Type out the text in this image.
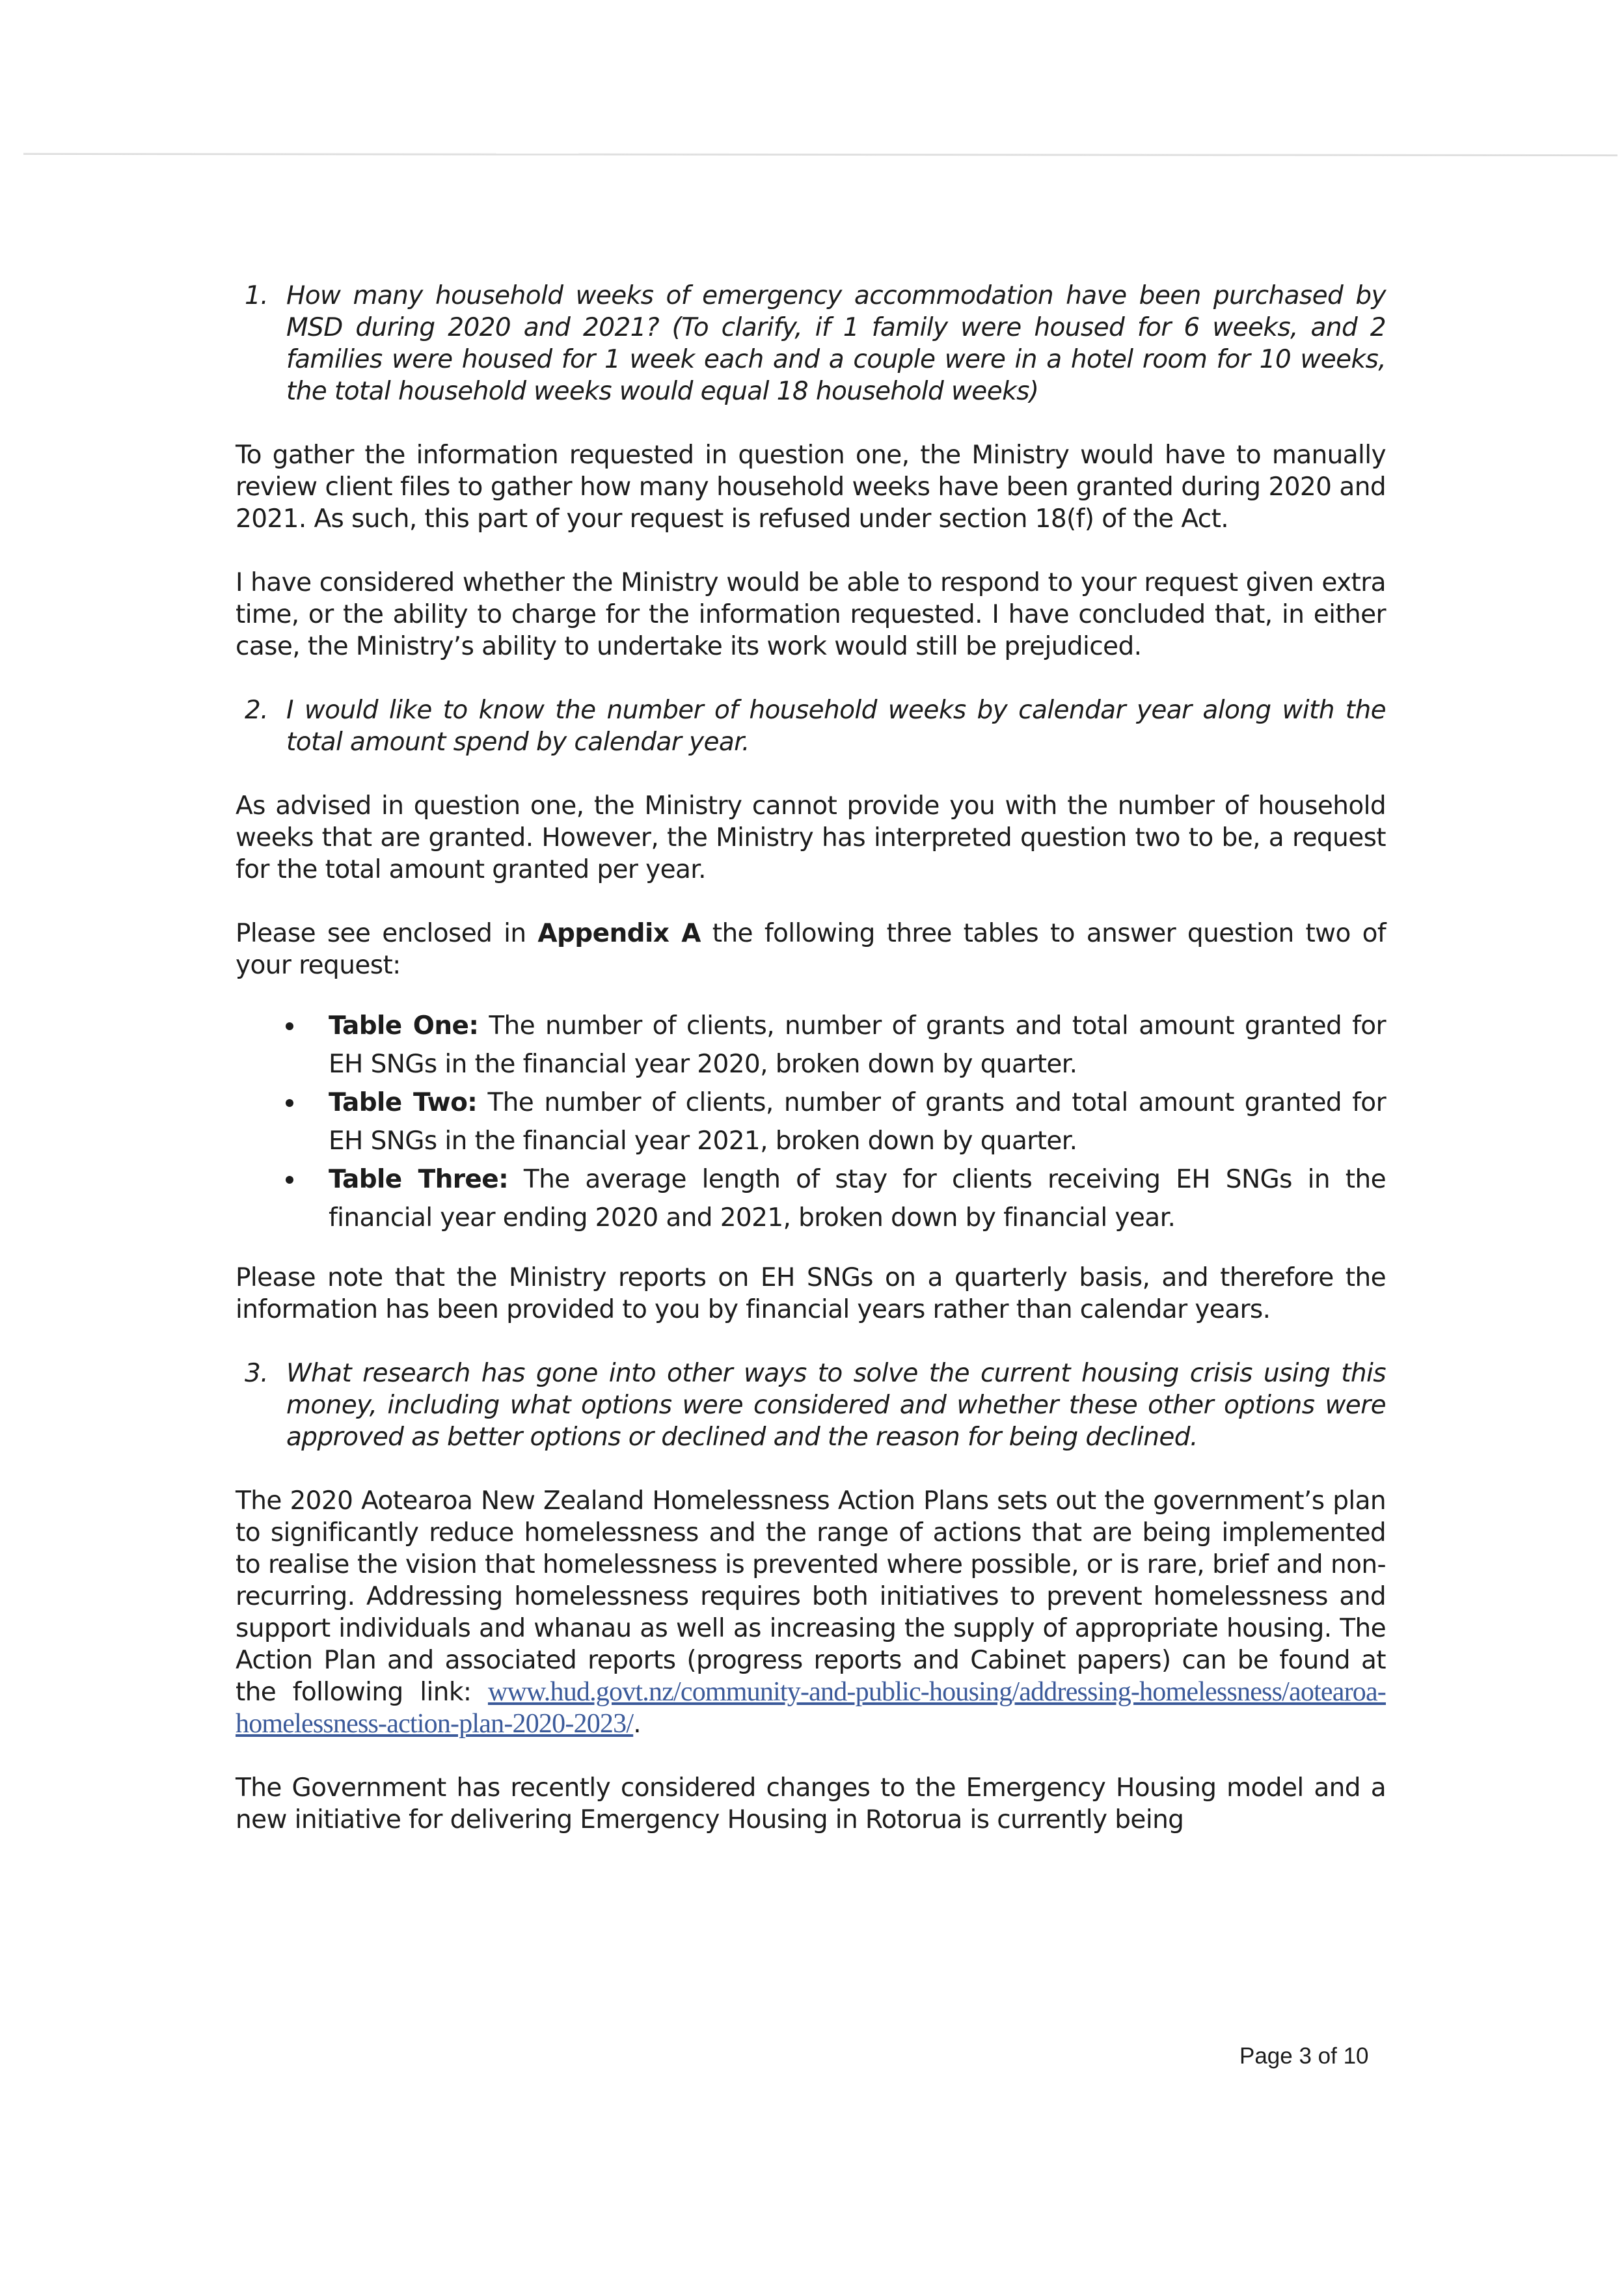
1. How many household weeks of emergency accommodation have been purchased by MSD during 2020 and 2021? (To clarify, if 1 family were housed for 6 weeks, and 2 families were housed for 1 week each and a couple were in a hotel room for 10 weeks, the total household weeks would equal 18 household weeks)

To gather the information requested in question one, the Ministry would have to manually review client files to gather how many household weeks have been granted during 2020 and 2021. As such, this part of your request is refused under section 18(f) of the Act.

I have considered whether the Ministry would be able to respond to your request given extra time, or the ability to charge for the information requested. I have concluded that, in either case, the Ministry’s ability to undertake its work would still be prejudiced.

2. I would like to know the number of household weeks by calendar year along with the total amount spend by calendar year.

As advised in question one, the Ministry cannot provide you with the number of household weeks that are granted. However, the Ministry has interpreted question two to be, a request for the total amount granted per year.

Please see enclosed in Appendix A the following three tables to answer question two of your request:

Table One: The number of clients, number of grants and total amount granted for EH SNGs in the financial year 2020, broken down by quarter.
Table Two: The number of clients, number of grants and total amount granted for EH SNGs in the financial year 2021, broken down by quarter.
Table Three: The average length of stay for clients receiving EH SNGs in the financial year ending 2020 and 2021, broken down by financial year.

Please note that the Ministry reports on EH SNGs on a quarterly basis, and therefore the information has been provided to you by financial years rather than calendar years.

3. What research has gone into other ways to solve the current housing crisis using this money, including what options were considered and whether these other options were approved as better options or declined and the reason for being declined.

The 2020 Aotearoa New Zealand Homelessness Action Plans sets out the government’s plan to significantly reduce homelessness and the range of actions that are being implemented to realise the vision that homelessness is prevented where possible, or is rare, brief and non-recurring. Addressing homelessness requires both initiatives to prevent homelessness and support individuals and whanau as well as increasing the supply of appropriate housing. The Action Plan and associated reports (progress reports and Cabinet papers) can be found at the following link: www.hud.govt.nz/community-and-public-housing/addressing-homelessness/aotearoa-homelessness-action-plan-2020-2023/.

The Government has recently considered changes to the Emergency Housing model and a new initiative for delivering Emergency Housing in Rotorua is currently being

Page 3 of 10
